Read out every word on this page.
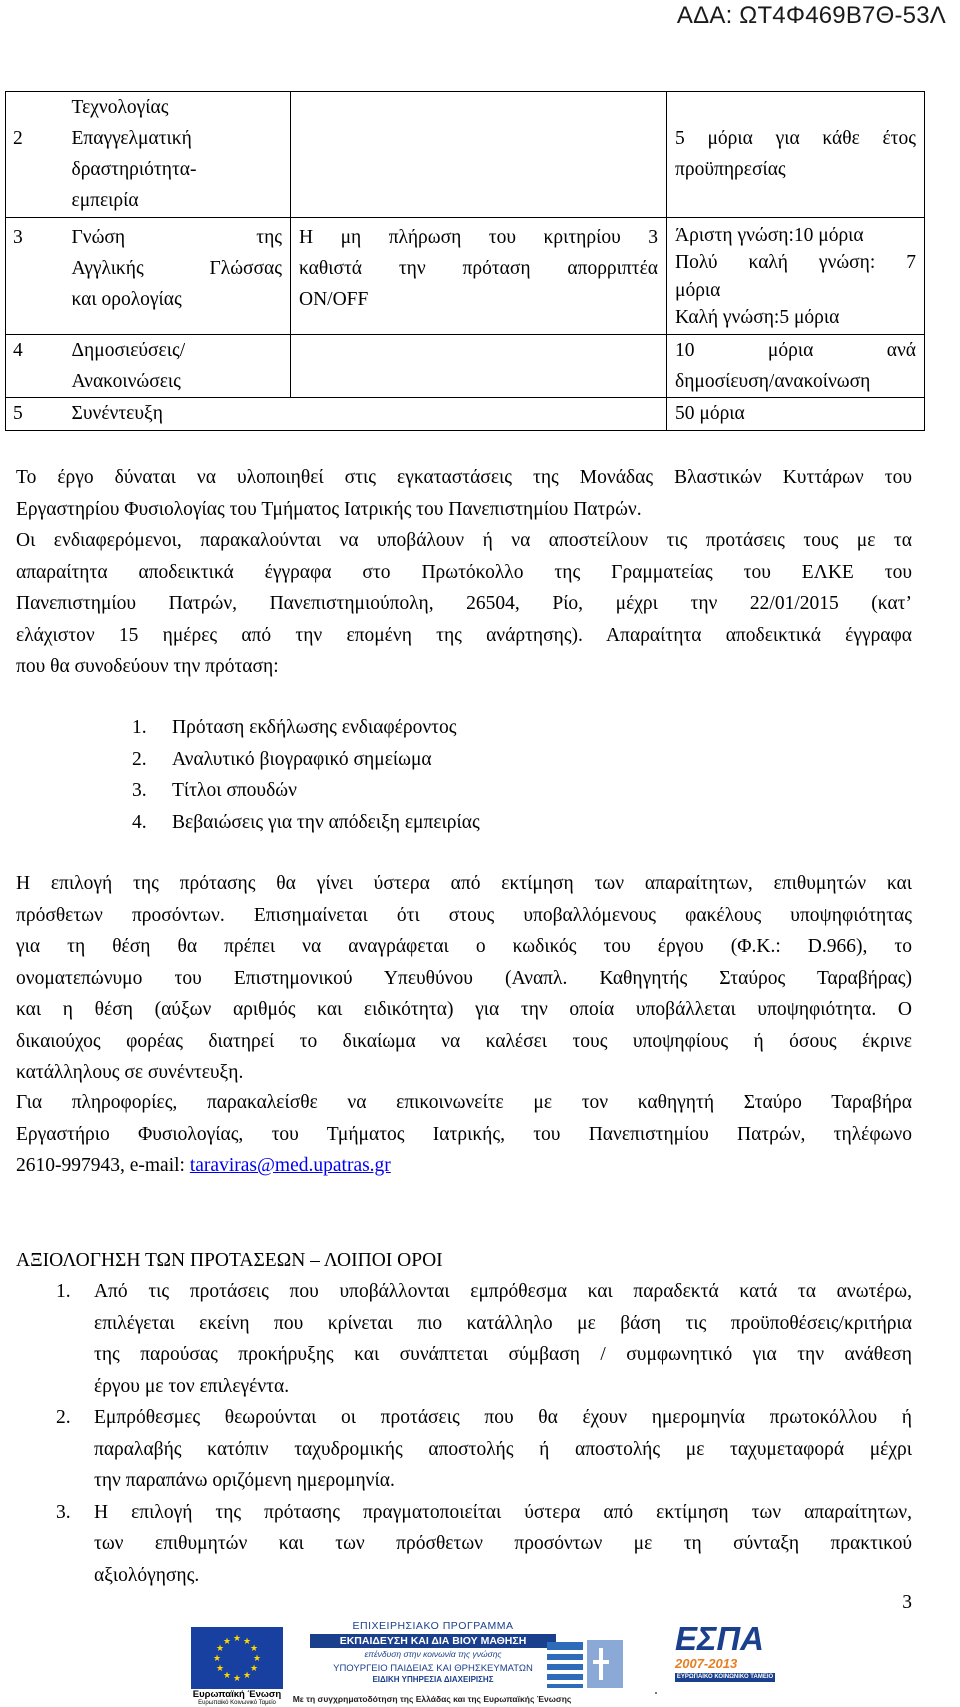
ΑΔΑ: ΩΤ4Φ469Β7Θ-53Λ

	Τεχνολογίας		

2	Επαγγελματική
δραστηριότητα-
εμπειρία		5 μόρια για κάθε έτος
προϋπηρεσίας

3	Γνώση της
Αγγλικής Γλώσσας
και ορολογίας	Η μη πλήρωση του κριτηρίου 3
καθιστά την πρόταση απορριπτέα
ON/OFF	Άριστη γνώση:10 μόρια
Πολύ καλή γνώση: 7
μόρια
Καλή γνώση:5 μόρια

4	Δημοσιεύσεις/
Ανακοινώσεις		10 μόρια ανά
δημοσίευση/ανακοίνωση

5	Συνέντευξη		50 μόρια
Το έργο δύναται να υλοποιηθεί στις εγκαταστάσεις της Μονάδας Βλαστικών Κυττάρων του
Εργαστηρίου Φυσιολογίας του Τμήματος Ιατρικής του Πανεπιστημίου Πατρών.
Οι ενδιαφερόμενοι, παρακαλούνται να υποβάλουν ή να αποστείλουν τις προτάσεις τους με τα
απαραίτητα αποδεικτικά έγγραφα στο Πρωτόκολλο της Γραμματείας του ΕΛΚΕ του
Πανεπιστημίου Πατρών, Πανεπιστημιούπολη, 26504, Ρίο, μέχρι την 22/01/2015 (κατ’
ελάχιστον 15 ημέρες από την επομένη της ανάρτησης). Απαραίτητα αποδεικτικά έγγραφα
που θα συνοδεύουν την πρόταση:
1. Πρόταση εκδήλωσης ενδιαφέροντος
2. Αναλυτικό βιογραφικό σημείωμα
3. Τίτλοι σπουδών
4. Βεβαιώσεις για την απόδειξη εμπειρίας
Η επιλογή της πρότασης θα γίνει ύστερα από εκτίμηση των απαραίτητων, επιθυμητών και
πρόσθετων προσόντων. Επισημαίνεται ότι στους υποβαλλόμενους φακέλους υποψηφιότητας
για τη θέση θα πρέπει να αναγράφεται ο κωδικός του έργου (Φ.Κ.: D.966), το
ονοματεπώνυμο του Επιστημονικού Υπευθύνου (Αναπλ. Καθηγητής Σταύρος Ταραβήρας)
και η θέση (αύξων αριθμός και ειδικότητα) για την οποία υποβάλλεται υποψηφιότητα. Ο
δικαιούχος φορέας διατηρεί το δικαίωμα να καλέσει τους υποψηφίους ή όσους έκρινε
κατάλληλους σε συνέντευξη.
Για πληροφορίες, παρακαλείσθε να επικοινωνείτε με τον καθηγητή Σταύρο Ταραβήρα
Εργαστήριο Φυσιολογίας, του Τμήματος Ιατρικής, του Πανεπιστημίου Πατρών, τηλέφωνο
2610-997943, e-mail: taraviras@med.upatras.gr
ΑΞΙΟΛΟΓΗΣΗ ΤΩΝ ΠΡΟΤΑΣΕΩΝ – ΛΟΙΠΟΙ ΟΡΟΙ
1. Από τις προτάσεις που υποβάλλονται εμπρόθεσμα και παραδεκτά κατά τα ανωτέρω,
επιλέγεται εκείνη που κρίνεται πιο κατάλληλο με βάση τις προϋποθέσεις/κριτήρια
της παρούσας προκήρυξης και συνάπτεται σύμβαση / συμφωνητικό για την ανάθεση
έργου με τον επιλεγέντα.
2. Εμπρόθεσμες θεωρούνται οι προτάσεις που θα έχουν ημερομηνία πρωτοκόλλου ή
παραλαβής κατόπιν ταχυδρομικής αποστολής ή αποστολής με ταχυμεταφορά μέχρι
την παραπάνω οριζόμενη ημερομηνία.
3. Η επιλογή της πρότασης πραγματοποιείται ύστερα από εκτίμηση των απαραίτητων,
των επιθυμητών και των πρόσθετων προσόντων με τη σύνταξη πρακτικού
αξιολόγησης.
3
★ ★
★
★
★
★
★
★
★
★
★
★
Ευρωπαϊκή Ένωση
Ευρωπαϊκό Κοινωνικό Ταμείο
ΕΠΙΧΕΙΡΗΣΙΑΚΟ ΠΡΟΓΡΑΜΜΑ
ΕΚΠΑΙΔΕΥΣΗ ΚΑΙ ΔΙΑ ΒΙΟΥ ΜΑΘΗΣΗ
επένδυση στην κοινωνία της γνώσης
ΥΠΟΥΡΓΕΙΟ ΠΑΙΔΕΙΑΣ ΚΑΙ ΘΡΗΣΚΕΥΜΑΤΩΝ
ΕΙΔΙΚΗ ΥΠΗΡΕΣΙΑ ΔΙΑΧΕΙΡΙΣΗΣ
ΕΣΠΑ
2007-2013
ΕΥΡΩΠΑΪΚΟ ΚΟΙΝΩΝΙΚΟ ΤΑΜΕΙΟ
Με τη συγχρηματοδότηση της Ελλάδας και της Ευρωπαϊκής Ένωσης
